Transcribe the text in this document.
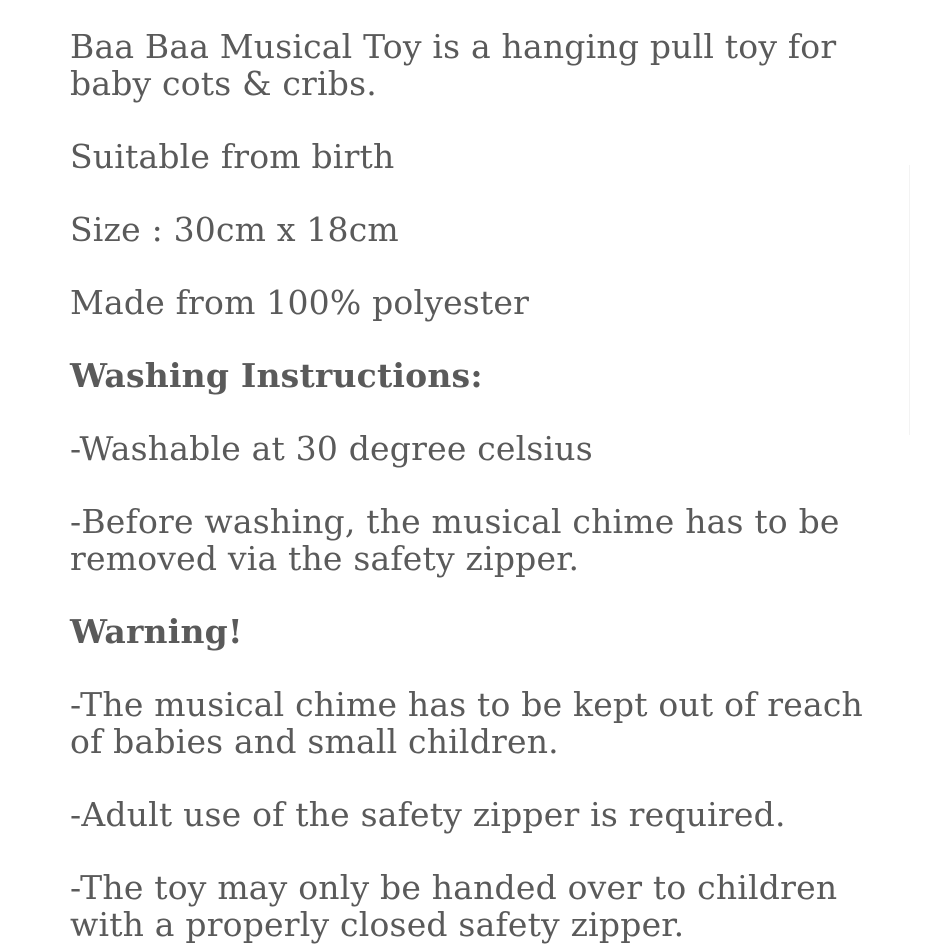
Baa Baa Musical Toy is a hanging pull toy for baby cots & cribs.

Suitable from birth

Size : 30cm x 18cm

Made from 100% polyester

Washing Instructions:

-Washable at 30 degree celsius

-Before washing, the musical chime has to be removed via the safety zipper.

Warning!

-The musical chime has to be kept out of reach of babies and small children.

-Adult use of the safety zipper is required.

-The toy may only be handed over to children with a properly closed safety zipper.
